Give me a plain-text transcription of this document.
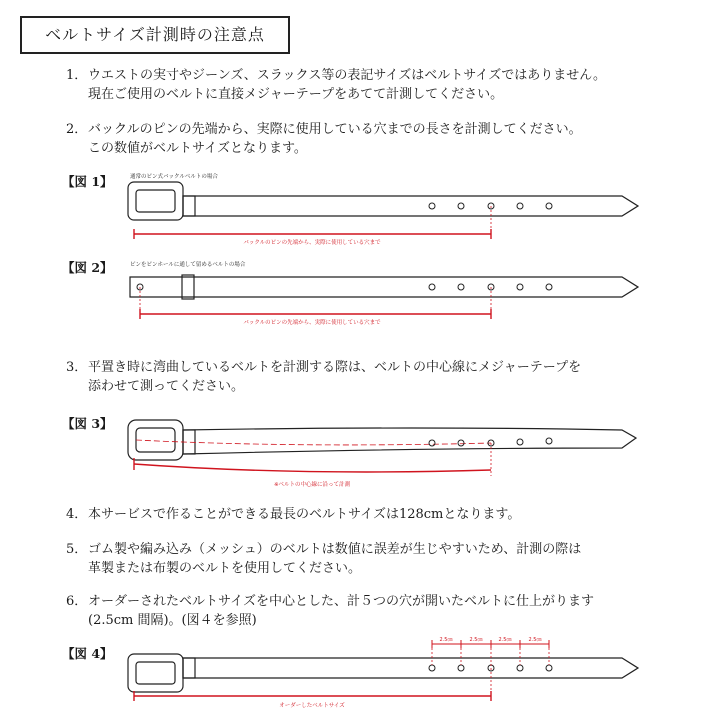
ベルトサイズ計測時の注意点
1．ウエストの実寸やジーンズ、スラックス等の表記サイズはベルトサイズではありません。
現在ご使用のベルトに直接メジャーテープをあてて計測してください。
2．バックルのピンの先端から、実際に使用している穴までの長さを計測してください。
この数値がベルトサイズとなります。
3．平置き時に湾曲しているベルトを計測する際は、ベルトの中心線にメジャーテープを
添わせて測ってください。
4．本サービスで作ることができる最長のベルトサイズは128cmとなります。
5．ゴム製や編み込み（メッシュ）のベルトは数値に誤差が生じやすいため、計測の際は
革製または布製のベルトを使用してください。
6．オーダーされたベルトサイズを中心とした、計５つの穴が開いたベルトに仕上がります
(2.5cm 間隔)。(図４を参照)
【図 1】	通常のピン式バックルベルトの場合
バックルのピンの先端から、実際に使用している穴まで
【図 2】	ピンをピンホールに通して留めるベルトの場合
バックルのピンの先端から、実際に使用している穴まで
【図 3】
※ベルトの中心線に沿って計測
【図 4】
2.5㎝	2.5㎝	2.5㎝	2.5㎝
オーダーしたベルトサイズ
